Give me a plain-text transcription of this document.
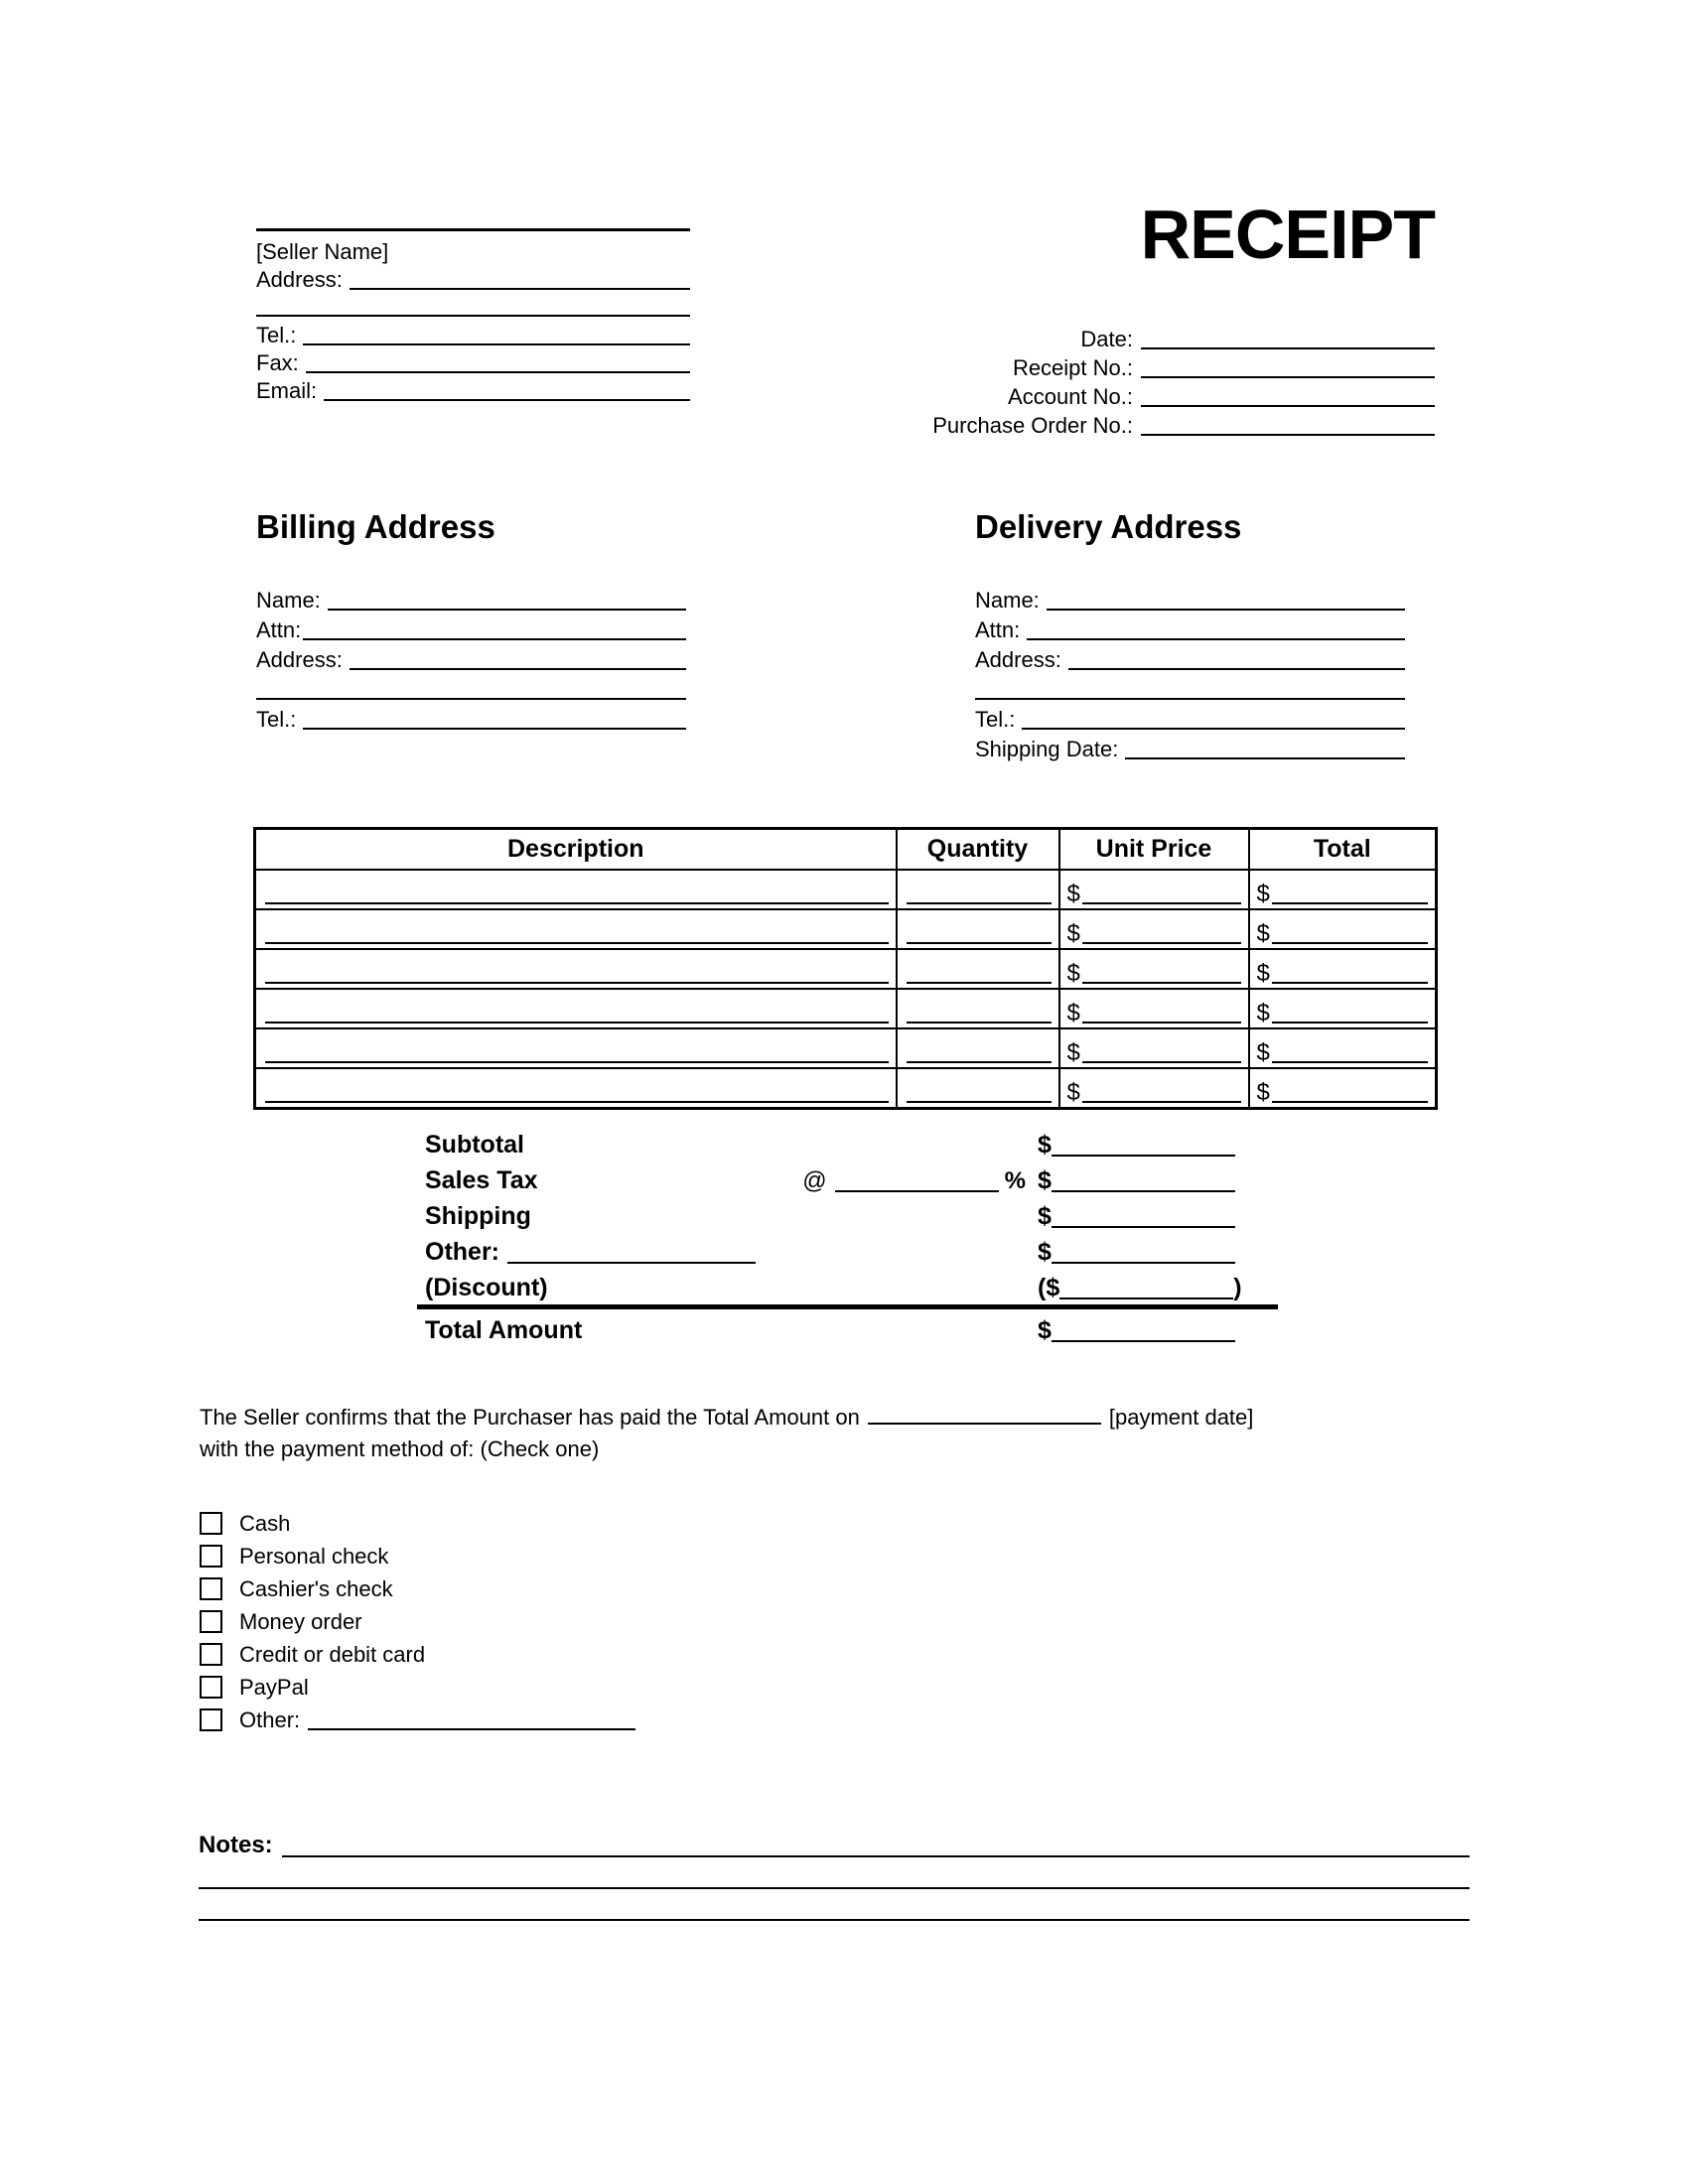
[Seller Name]
Address:
Tel.:
Fax:
Email:
RECEIPT
Date:
Receipt No.:
Account No.:
Purchase Order No.:
Billing Address
Name:
Attn:
Address:
Tel.:
Delivery Address
Name:
Attn:
Address:
Tel.:
Shipping Date:
Description	Quantity	Unit Price	Total

		$	$

		$	$

		$	$

		$	$

		$	$

		$	$
Subtotal	$
Sales Tax	@	% $
Shipping	$
Other:	$
(Discount)	($	)
Total Amount	$
The Seller confirms that the Purchaser has paid the Total Amount on	[payment date]
with the payment method of: (Check one)
Cash
Personal check
Cashier's check
Money order
Credit or debit card
PayPal
Other:
Notes:
